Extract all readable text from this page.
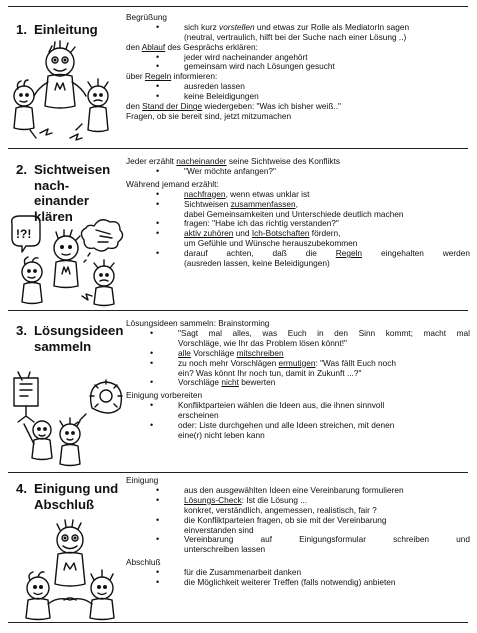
1. Einleitung
Begrüßung
• sich kurz vorstellen und etwas zur Rolle als MediatorIn sagen
(neutral, vertraulich, hilft bei der Suche nach einer Lösung ..)
den Ablauf des Gesprächs erklären:
• jeder wird nacheinander angehört
• gemeinsam wird nach Lösungen gesucht
über Regeln informieren:
• ausreden lassen
• keine Beleidigungen
den Stand der Dinge wiedergeben: "Was ich bisher weiß.."
Fragen, ob sie bereit sind, jetzt mitzumachen
2. Sichtweisen
nach-
einander
klären
Jeder erzählt nacheinander seine Sichtweise des Konflikts
• "Wer möchte anfangen?"
Während jemand erzählt:
• nachfragen, wenn etwas unklar ist
• Sichtweisen zusammenfassen,
dabei Gemeinsamkeiten und Unterschiede deutlich machen
• fragen: "Habe ich das richtig verstanden?"
• aktiv zuhören und Ich-Botschaften fördern,
um Gefühle und Wünsche herauszubekommen
• darauf achten, daß die Regeln eingehalten werden
(ausreden lassen, keine Beleidigungen)
3. Lösungsideen
sammeln
Lösungsideen sammeln: Brainstorming
• "Sagt mal alles, was Euch in den Sinn kommt; macht mal
Vorschläge, wie Ihr das Problem lösen könnt!"
• alle Vorschläge mitschreiben
• zu noch mehr Vorschlägen ermutigen: "Was fällt Euch noch
ein? Was könnt Ihr noch tun, damit in Zukunft ...?"
• Vorschläge nicht bewerten
Einigung vorbereiten
• Konfliktparteien wählen die Ideen aus, die ihnen sinnvoll
erscheinen
• oder: Liste durchgehen und alle Ideen streichen, mit denen
eine(r) nicht leben kann
4. Einigung und
Abschluß
Einigung
• aus den ausgewählten Ideen eine Vereinbarung formulieren
• Lösungs-Check: Ist die Lösung ...
konkret, verständlich, angemessen, realistisch, fair ?
• die Konfliktparteien fragen, ob sie mit der Vereinbarung
einverstanden sind
• Vereinbarung auf Einigungsformular schreiben und
unterschreiben lassen
Abschluß
• für die Zusammenarbeit danken
• die Möglichkeit weiterer Treffen (falls notwendig) anbieten
!?!
